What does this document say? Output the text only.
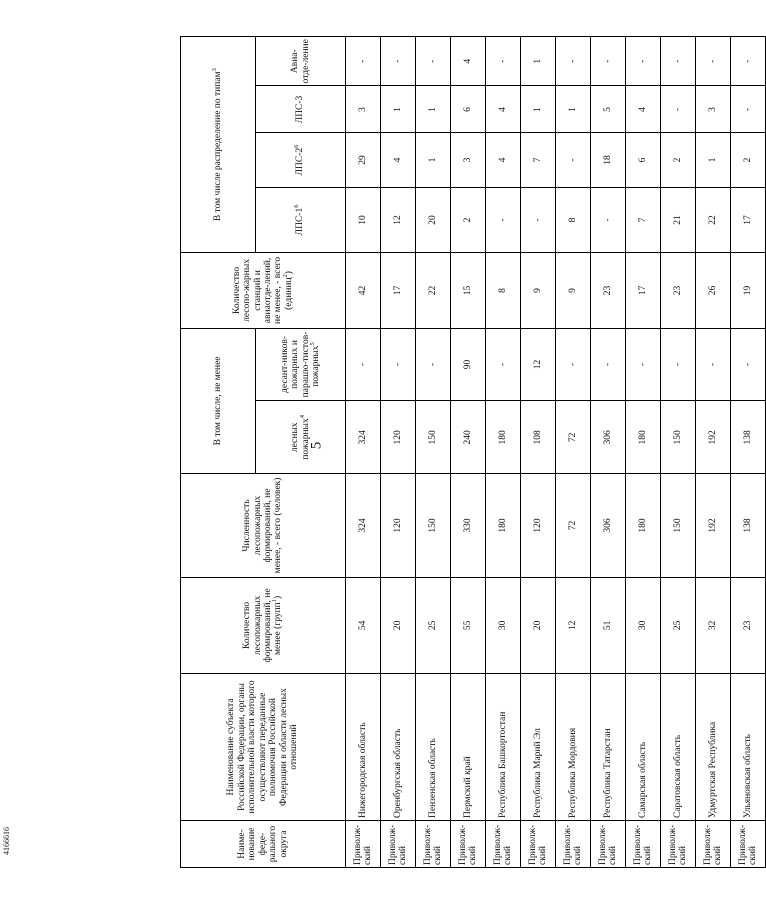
5
4166616	Наиме-нование феде-рального округа	Наименование субъекта Российской Федерации, органы исполнительной власти которого осуществляют переданные полномочия Российской Федерации в области лесных отношений	Количество лесопожарных формирований, не менее (групп$^1$)	Численность лесопожарных формирований, не менее, - всего (человек)	В том числе, не менее		Количество лесопо-жарных станций и авиаотде-лений, не менее, - всего (единиц$^2$)	В том числе распределение по типам$^3$
				лесных пожарных$^4$	десант-ников-пожарных и парашю-тистов-пожарных$^5$		ЛПС-$1^6$	ЛПС-$2^6$	ЛПС-3	Авиа-отде-ление

Приволж-ский	Нижегородская область	54	324	324	-	42	10	29	3	-
Приволж-ский	Оренбургская область	20	120	120	-	17	12	4	1	-
Приволж-ский	Пензенская область	25	150	150	-	22	20	1	1	-
Приволж-ский	Пермский край	55	330	240	90	15	2	3	6	4
Приволж-ский	Республика Башкортостан	30	180	180	-	8	-	4	4	-
Приволж-ский	Республика Марий Эл	20	120	108	12	9	-	7	1	1
Приволж-ский	Республика Мордовия	12	72	72	-	9	8	-	1	-
Приволж-ский	Республика Татарстан	51	306	306	-	23	-	18	5	-
Приволж-ский	Самарская область	30	180	180	-	17	7	6	4	-
Приволж-ский	Саратовская область	25	150	150	-	23	21	2	-	-
Приволж-ский	Удмуртская Республика	32	192	192	-	26	22	1	3	-
Приволж-ский	Ульяновская область	23	138	138	-	19	17	2	-	-
